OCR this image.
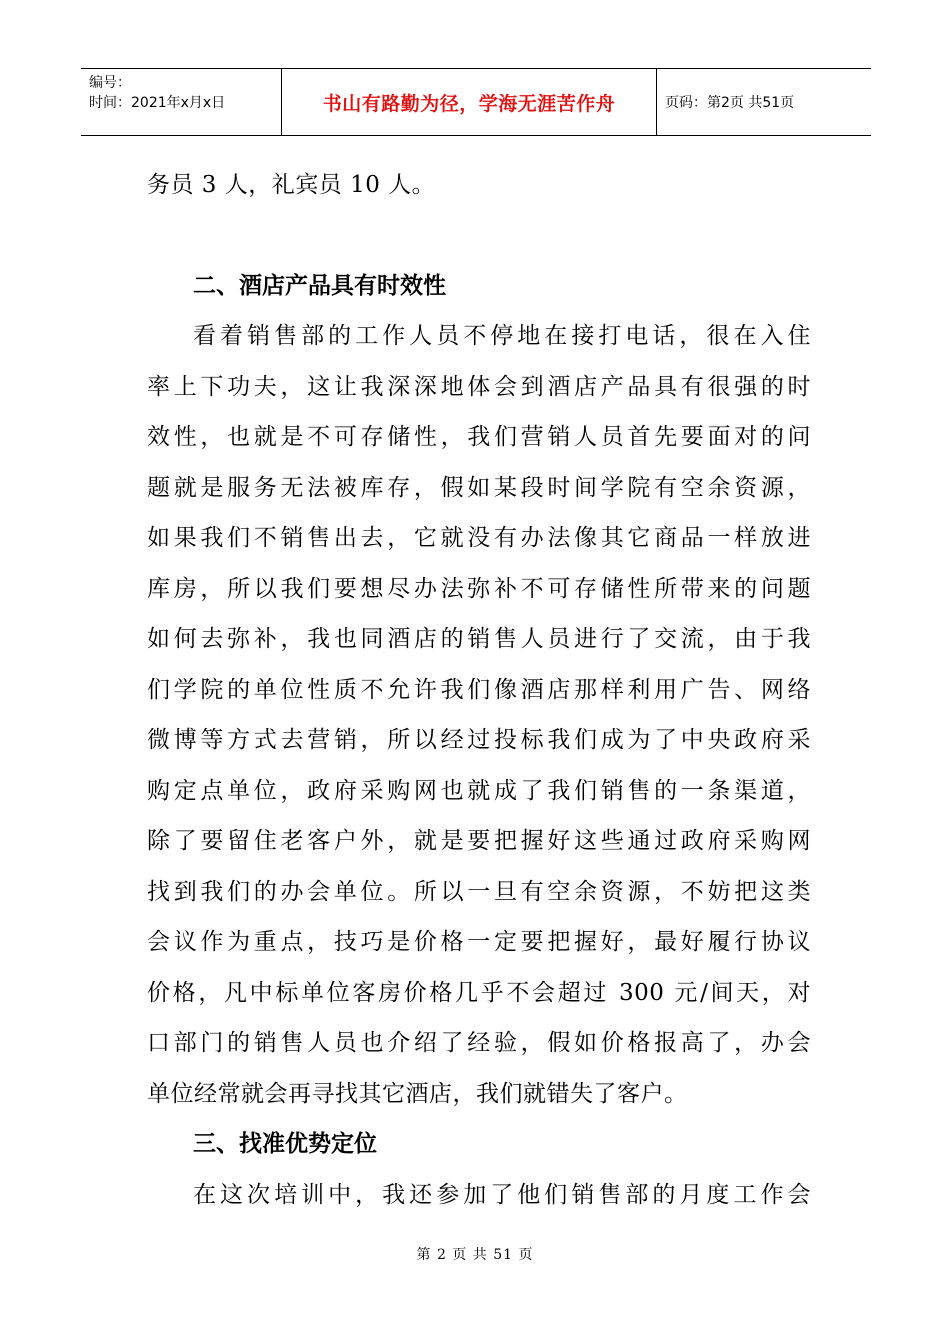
编号：
时间：2021年x月x日	书山有路勤为径，学海无涯苦作舟	页码：第2页 共51页
务员 3 人，礼宾员 10 人。
二、酒店产品具有时效性
看着销售部的工作人员不停地在接打电话，很在入住
率上下功夫，这让我深深地体会到酒店产品具有很强的时
效性，也就是不可存储性，我们营销人员首先要面对的问
题就是服务无法被库存，假如某段时间学院有空余资源，
如果我们不销售出去，它就没有办法像其它商品一样放进
库房，所以我们要想尽办法弥补不可存储性所带来的问题
如何去弥补，我也同酒店的销售人员进行了交流，由于我
们学院的单位性质不允许我们像酒店那样利用广告、网络
微博等方式去营销，所以经过投标我们成为了中央政府采
购定点单位，政府采购网也就成了我们销售的一条渠道，
除了要留住老客户外，就是要把握好这些通过政府采购网
找到我们的办会单位。所以一旦有空余资源，不妨把这类
会议作为重点，技巧是价格一定要把握好，最好履行协议
价格，凡中标单位客房价格几乎不会超过 300 元/间天，对
口部门的销售人员也介绍了经验，假如价格报高了，办会
单位经常就会再寻找其它酒店，我们就错失了客户。
三、找准优势定位
在这次培训中，我还参加了他们销售部的月度工作会
第 2 页 共 51 页
